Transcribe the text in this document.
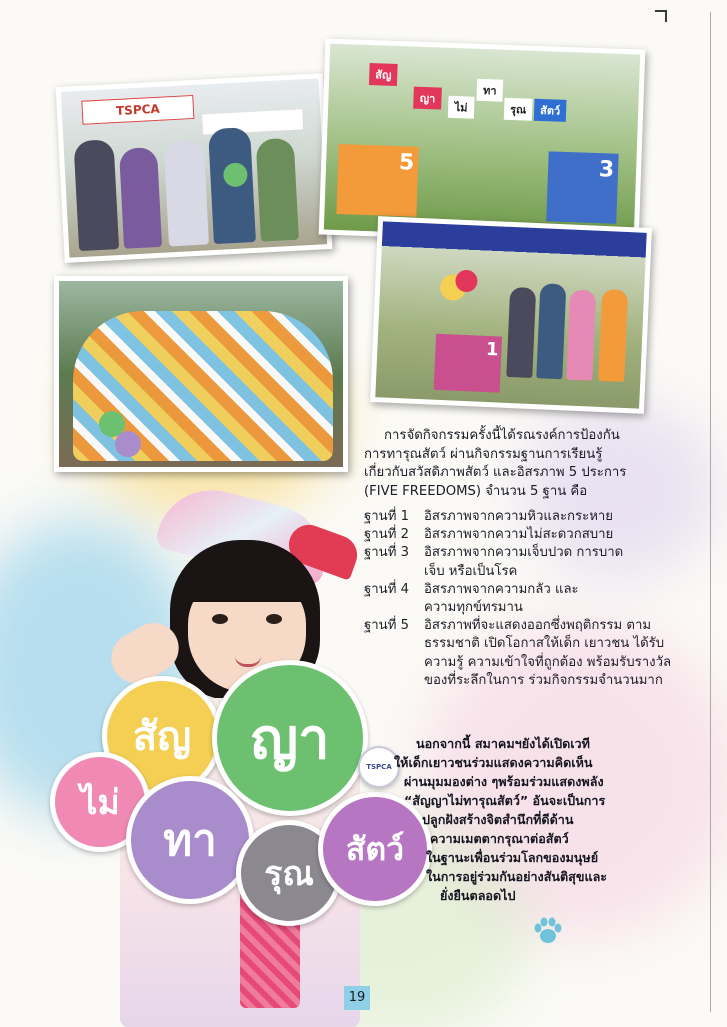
TSPCA
สัญ
ญา
ไม่
ทา
รุณ	สัตว์
5	3
1
การจัดกิจกรรมครั้งนี้ได้รณรงค์การป้องกัน
การทารุณสัตว์ ผ่านกิจกรรมฐานการเรียนรู้
เกี่ยวกับสวัสดิภาพสัตว์ และอิสรภาพ 5 ประการ
(FIVE FREEDOMS) จำนวน 5 ฐาน คือ
ฐานที่ 1	อิสรภาพจากความหิวและกระหาย
ฐานที่ 2	อิสรภาพจากความไม่สะดวกสบาย
ฐานที่ 3	อิสรภาพจากความเจ็บปวด การบาดเจ็บ หรือเป็นโรค
ฐานที่ 4	อิสรภาพจากความกลัว และความทุกข์ทรมาน
ฐานที่ 5	อิสรภาพที่จะแสดงออกซึ่งพฤติกรรม ตามธรรมชาติ เปิดโอกาสให้เด็ก เยาวชน ได้รับความรู้ ความเข้าใจที่ถูกต้อง พร้อมรับรางวัลของที่ระลึกในการ ร่วมกิจกรรมจำนวนมาก
สัญ	ญา
ไม่
ทา
รุณ
สัตว์
TSPCA
นอกจากนี้ สมาคมฯยังได้เปิดเวที
ให้เด็กเยาวชนร่วมแสดงความคิดเห็น
ผ่านมุมมองต่าง ๆพร้อมร่วมแสดงพลัง
“สัญญาไม่ทารุณสัตว์” อันจะเป็นการ
ปลูกฝังสร้างจิตสำนึกที่ดีด้าน
ความเมตตากรุณาต่อสัตว์
ในฐานะเพื่อนร่วมโลกของมนุษย์
ในการอยู่ร่วมกันอย่างสันติสุขและ
ยั่งยืนตลอดไป
19
